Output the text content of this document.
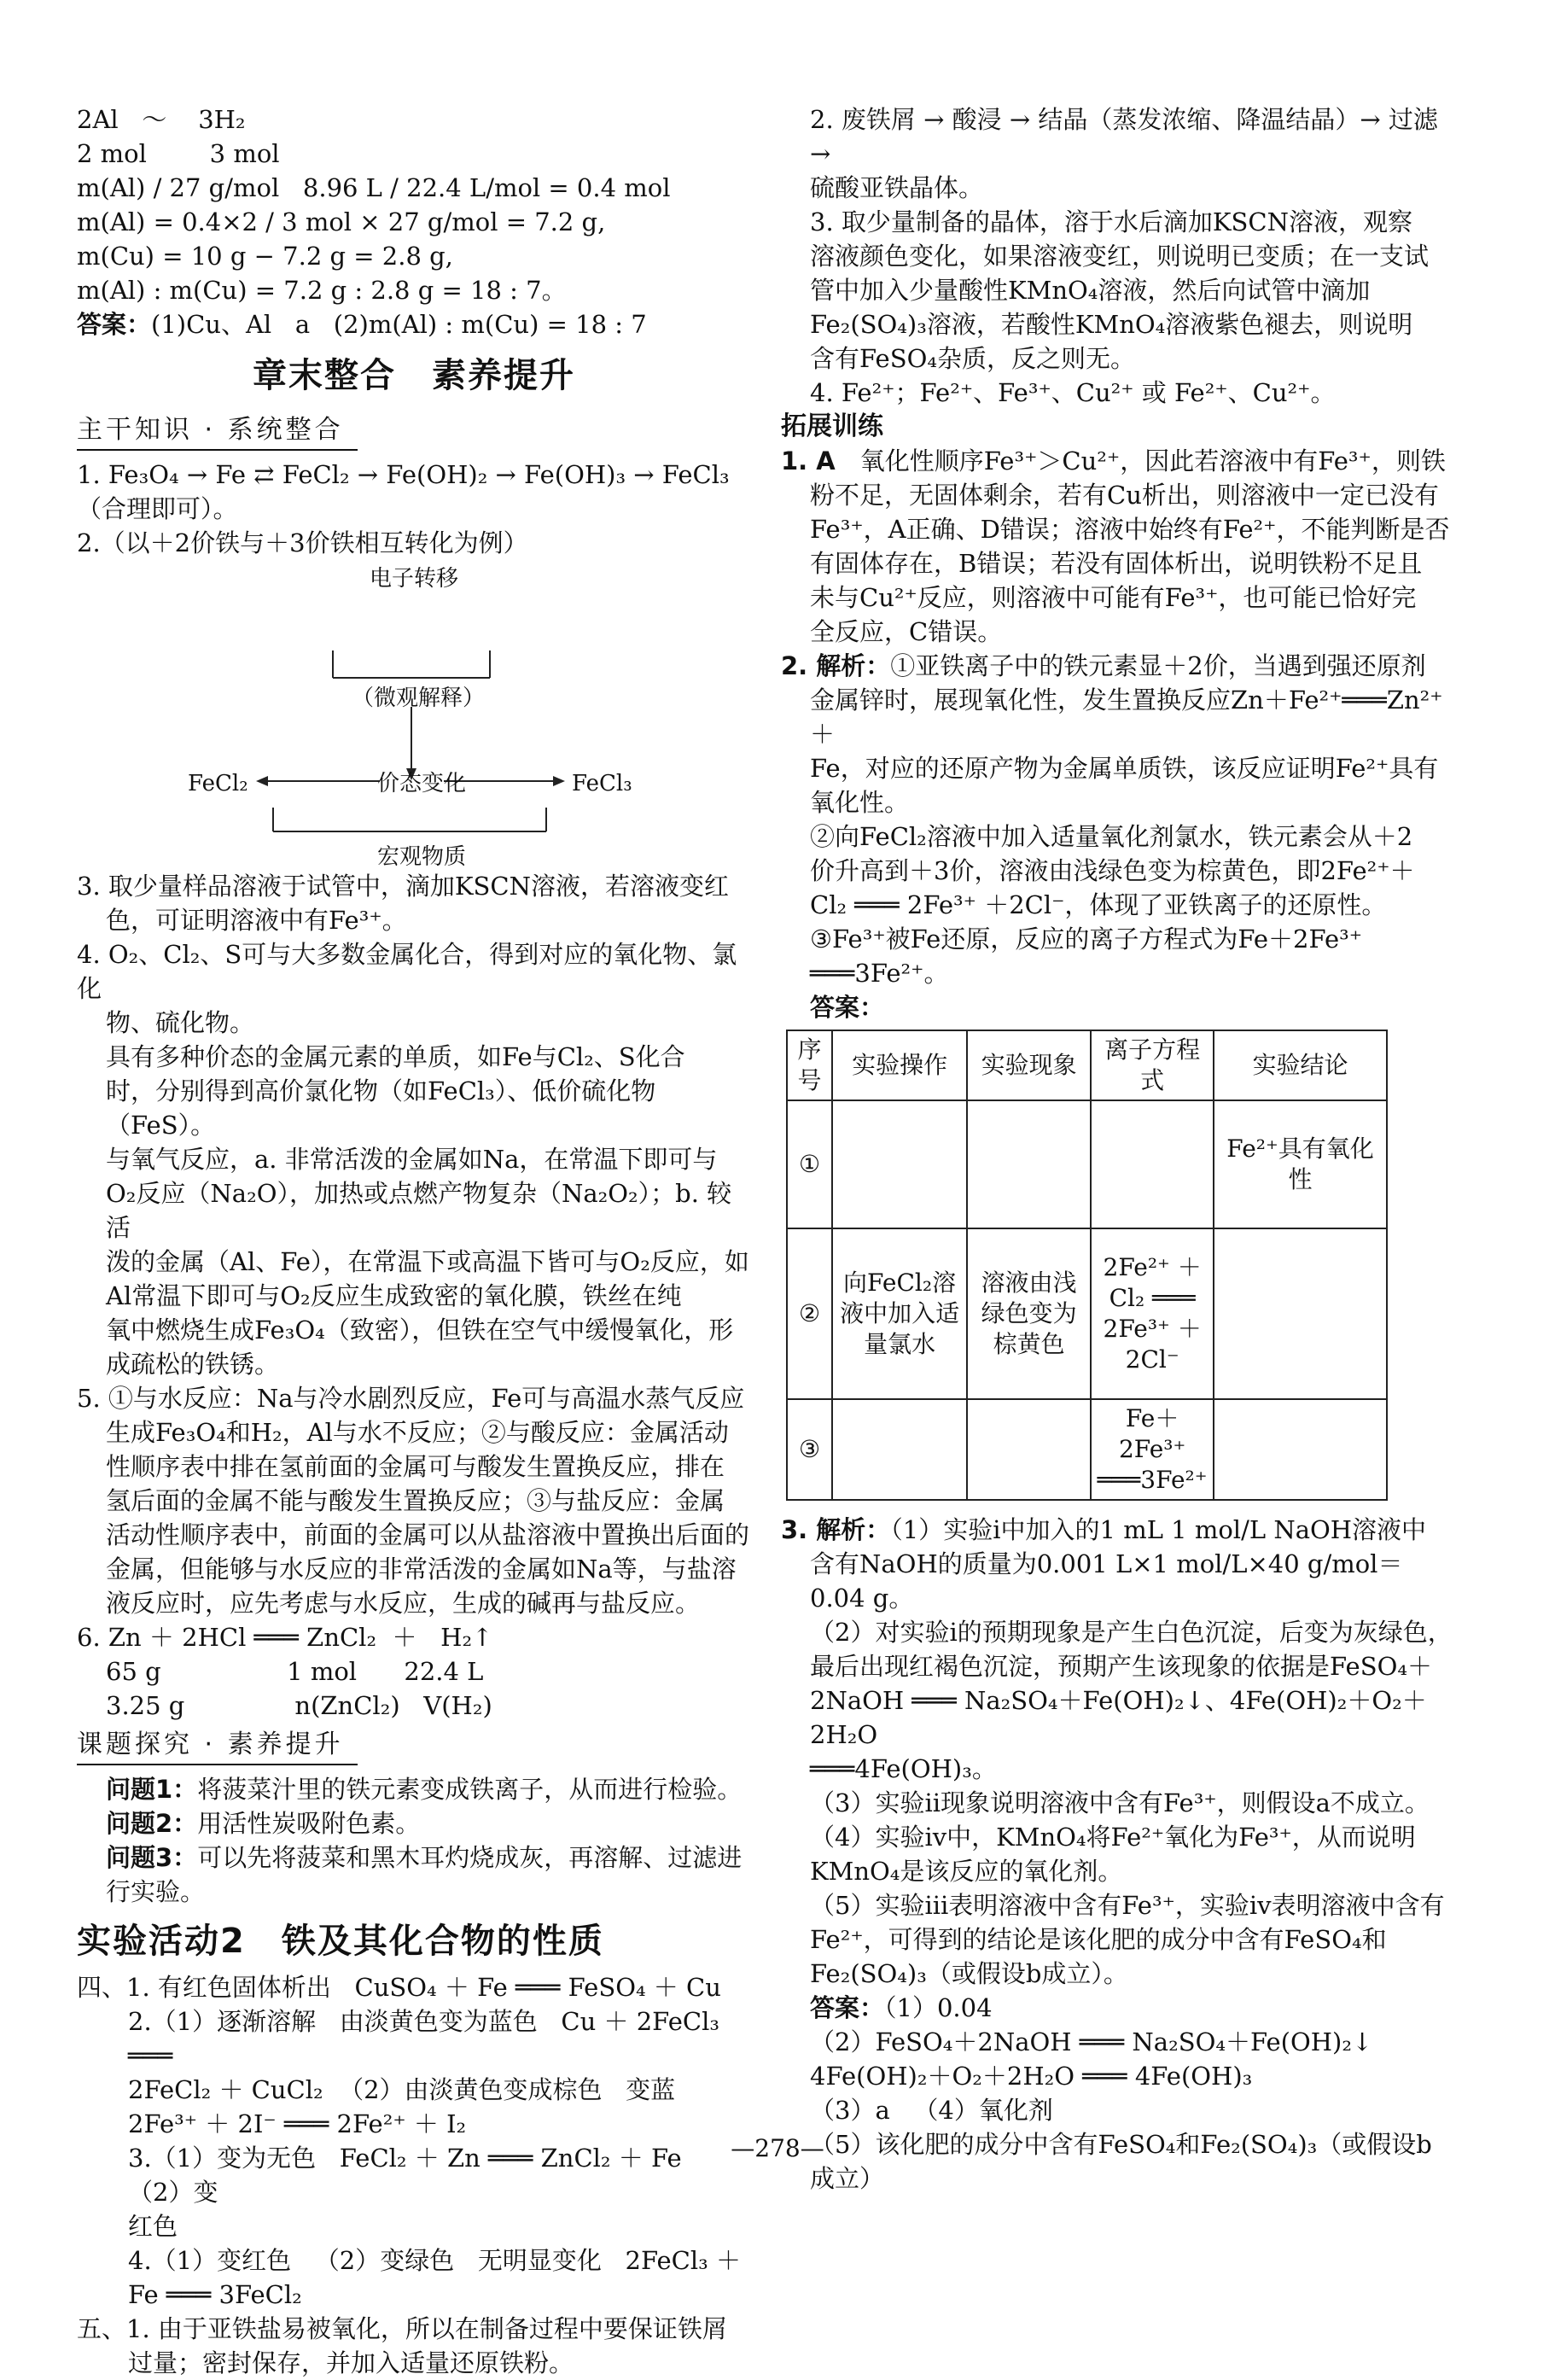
2Al   ～    3H₂

2 mol        3 mol

m(Al) / 27 g/mol   8.96 L / 22.4 L/mol = 0.4 mol

m(Al) = 0.4×2 / 3 mol × 27 g/mol = 7.2 g,

m(Cu) = 10 g − 7.2 g = 2.8 g,

m(Al) : m(Cu) = 7.2 g : 2.8 g = 18 : 7。

答案：(1)Cu、Al   a   (2)m(Al) : m(Cu) = 18 : 7

章末整合　素养提升
主干知识 · 系统整合

1. Fe₃O₄ → Fe ⇄ FeCl₂ → Fe(OH)₂ → Fe(OH)₃ → FeCl₃（合理即可）。

2.（以＋2价铁与＋3价铁相互转化为例）

电子转移
（微观解释）
FeCl₂	价态变化	FeCl₃
宏观物质

3. 取少量样品溶液于试管中，滴加KSCN溶液，若溶液变红

色，可证明溶液中有Fe³⁺。

4. O₂、Cl₂、S可与大多数金属化合，得到对应的氧化物、氯化

物、硫化物。

具有多种价态的金属元素的单质，如Fe与Cl₂、S化合

时，分别得到高价氯化物（如FeCl₃）、低价硫化物（FeS）。

与氧气反应，a. 非常活泼的金属如Na，在常温下即可与

O₂反应（Na₂O），加热或点燃产物复杂（Na₂O₂）；b. 较活

泼的金属（Al、Fe），在常温下或高温下皆可与O₂反应，如

Al常温下即可与O₂反应生成致密的氧化膜，铁丝在纯

氧中燃烧生成Fe₃O₄（致密），但铁在空气中缓慢氧化，形

成疏松的铁锈。

5. ①与水反应：Na与冷水剧烈反应，Fe可与高温水蒸气反应

生成Fe₃O₄和H₂，Al与水不反应；②与酸反应：金属活动

性顺序表中排在氢前面的金属可与酸发生置换反应，排在

氢后面的金属不能与酸发生置换反应；③与盐反应：金属

活动性顺序表中，前面的金属可以从盐溶液中置换出后面的

金属，但能够与水反应的非常活泼的金属如Na等，与盐溶

液反应时，应先考虑与水反应，生成的碱再与盐反应。

6. Zn ＋ 2HCl ═══ ZnCl₂  ＋   H₂↑

65 g                1 mol      22.4 L

3.25 g              n(ZnCl₂)   V(H₂)

课题探究 · 素养提升

问题1：将菠菜汁里的铁元素变成铁离子，从而进行检验。

问题2：用活性炭吸附色素。

问题3：可以先将菠菜和黑木耳灼烧成灰，再溶解、过滤进

行实验。

实验活动2　铁及其化合物的性质

四、1. 有红色固体析出   CuSO₄ ＋ Fe ═══ FeSO₄ ＋ Cu

2.（1）逐渐溶解   由淡黄色变为蓝色   Cu ＋ 2FeCl₃ ═══

2FeCl₂ ＋ CuCl₂  （2）由淡黄色变成棕色   变蓝

2Fe³⁺ ＋ 2I⁻ ═══ 2Fe²⁺ ＋ I₂

3.（1）变为无色   FeCl₂ ＋ Zn ═══ ZnCl₂ ＋ Fe   （2）变

红色

4.（1）变红色   （2）变绿色   无明显变化   2FeCl₃ ＋

Fe ═══ 3FeCl₂

五、1. 由于亚铁盐易被氧化，所以在制备过程中要保证铁屑

过量；密封保存，并加入适量还原铁粉。

2. 废铁屑 → 酸浸 → 结晶（蒸发浓缩、降温结晶）→ 过滤 →

硫酸亚铁晶体。

3. 取少量制备的晶体，溶于水后滴加KSCN溶液，观察

溶液颜色变化，如果溶液变红，则说明已变质；在一支试

管中加入少量酸性KMnO₄溶液，然后向试管中滴加

Fe₂(SO₄)₃溶液，若酸性KMnO₄溶液紫色褪去，则说明

含有FeSO₄杂质，反之则无。

4. Fe²⁺；Fe²⁺、Fe³⁺、Cu²⁺ 或 Fe²⁺、Cu²⁺。

拓展训练

1. A　 氧化性顺序Fe³⁺＞Cu²⁺，因此若溶液中有Fe³⁺，则铁

粉不足，无固体剩余，若有Cu析出，则溶液中一定已没有

Fe³⁺，A正确、D错误；溶液中始终有Fe²⁺，不能判断是否

有固体存在，B错误；若没有固体析出，说明铁粉不足且

未与Cu²⁺反应，则溶液中可能有Fe³⁺，也可能已恰好完

全反应，C错误。

2. 解析：①亚铁离子中的铁元素显＋2价，当遇到强还原剂

金属锌时，展现氧化性，发生置换反应Zn＋Fe²⁺═══Zn²⁺＋

Fe，对应的还原产物为金属单质铁，该反应证明Fe²⁺具有

氧化性。

②向FeCl₂溶液中加入适量氧化剂氯水，铁元素会从＋2

价升高到＋3价，溶液由浅绿色变为棕黄色，即2Fe²⁺＋

Cl₂ ═══ 2Fe³⁺ ＋2Cl⁻，体现了亚铁离子的还原性。

③Fe³⁺被Fe还原，反应的离子方程式为Fe＋2Fe³⁺

═══3Fe²⁺。

答案：

序号	实验操作	实验现象	离子方程式	实验结论
①				Fe²⁺具有氧化性
②	向FeCl₂溶液中加入适量氯水	溶液由浅绿色变为棕黄色	2Fe²⁺ ＋Cl₂ ═══ 2Fe³⁺ ＋ 2Cl⁻	
③			Fe＋2Fe³⁺ ═══3Fe²⁺	

3. 解析：（1）实验ⅰ中加入的1 mL 1 mol/L NaOH溶液中

含有NaOH的质量为0.001 L×1 mol/L×40 g/mol＝

0.04 g。

（2）对实验ⅰ的预期现象是产生白色沉淀，后变为灰绿色，

最后出现红褐色沉淀，预期产生该现象的依据是FeSO₄＋

2NaOH ═══ Na₂SO₄＋Fe(OH)₂↓、4Fe(OH)₂＋O₂＋2H₂O

═══4Fe(OH)₃。

（3）实验ⅱ现象说明溶液中含有Fe³⁺，则假设a不成立。

（4）实验ⅳ中，KMnO₄将Fe²⁺氧化为Fe³⁺，从而说明

KMnO₄是该反应的氧化剂。

（5）实验ⅲ表明溶液中含有Fe³⁺，实验ⅳ表明溶液中含有

Fe²⁺，可得到的结论是该化肥的成分中含有FeSO₄和

Fe₂(SO₄)₃（或假设b成立）。

答案：（1）0.04

（2）FeSO₄＋2NaOH ═══ Na₂SO₄＋Fe(OH)₂↓

4Fe(OH)₂＋O₂＋2H₂O ═══ 4Fe(OH)₃

（3）a   （4）氧化剂

（5）该化肥的成分中含有FeSO₄和Fe₂(SO₄)₃（或假设b

成立）

—278—
